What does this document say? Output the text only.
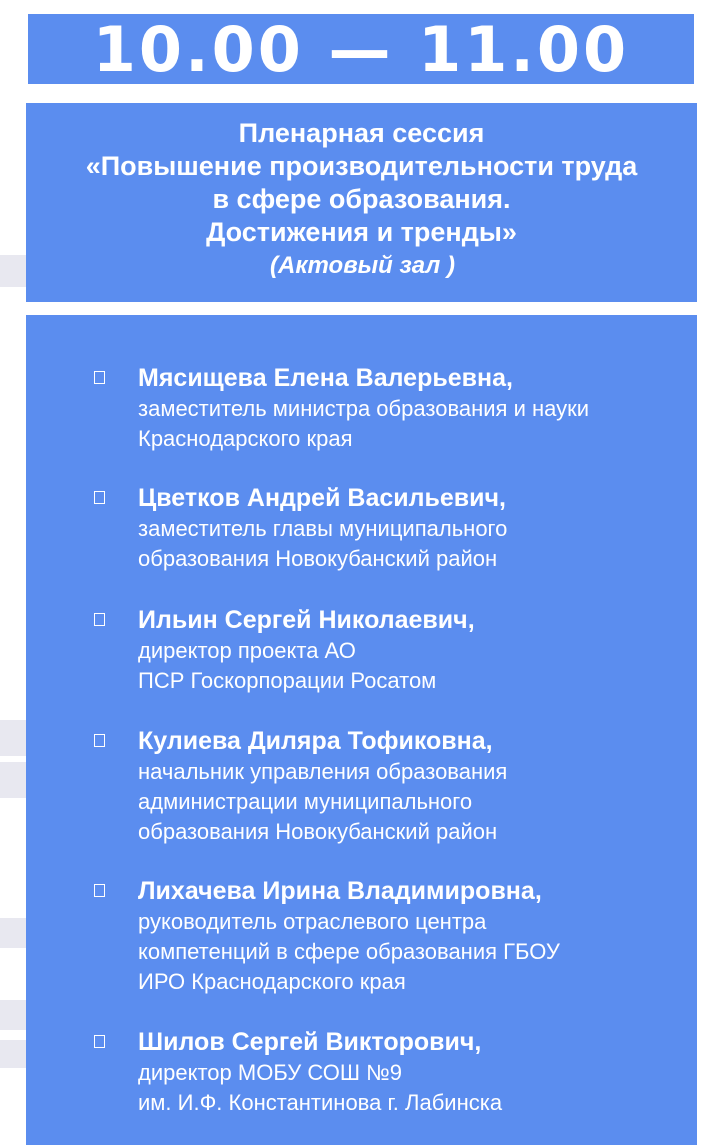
10.00 — 11.00
Пленарная сессия
«Повышение производительности труда
в сфере образования.
Достижения и тренды»
(Актовый зал )
Мясищева Елена Валерьевна,
заместитель министра образования и науки
Краснодарского края
Цветков Андрей Васильевич,
заместитель главы муниципального
образования Новокубанский район
Ильин Сергей Николаевич,
директор проекта АО
ПСР Госкорпорации Росатом
Кулиева Диляра Тофиковна,
начальник управления образования
администрации муниципального
образования Новокубанский район
Лихачева Ирина Владимировна,
руководитель отраслевого центра
компетенций в сфере образования ГБОУ
ИРО Краснодарского края
Шилов Сергей Викторович,
директор МОБУ СОШ №9
им. И.Ф. Константинова г. Лабинска
